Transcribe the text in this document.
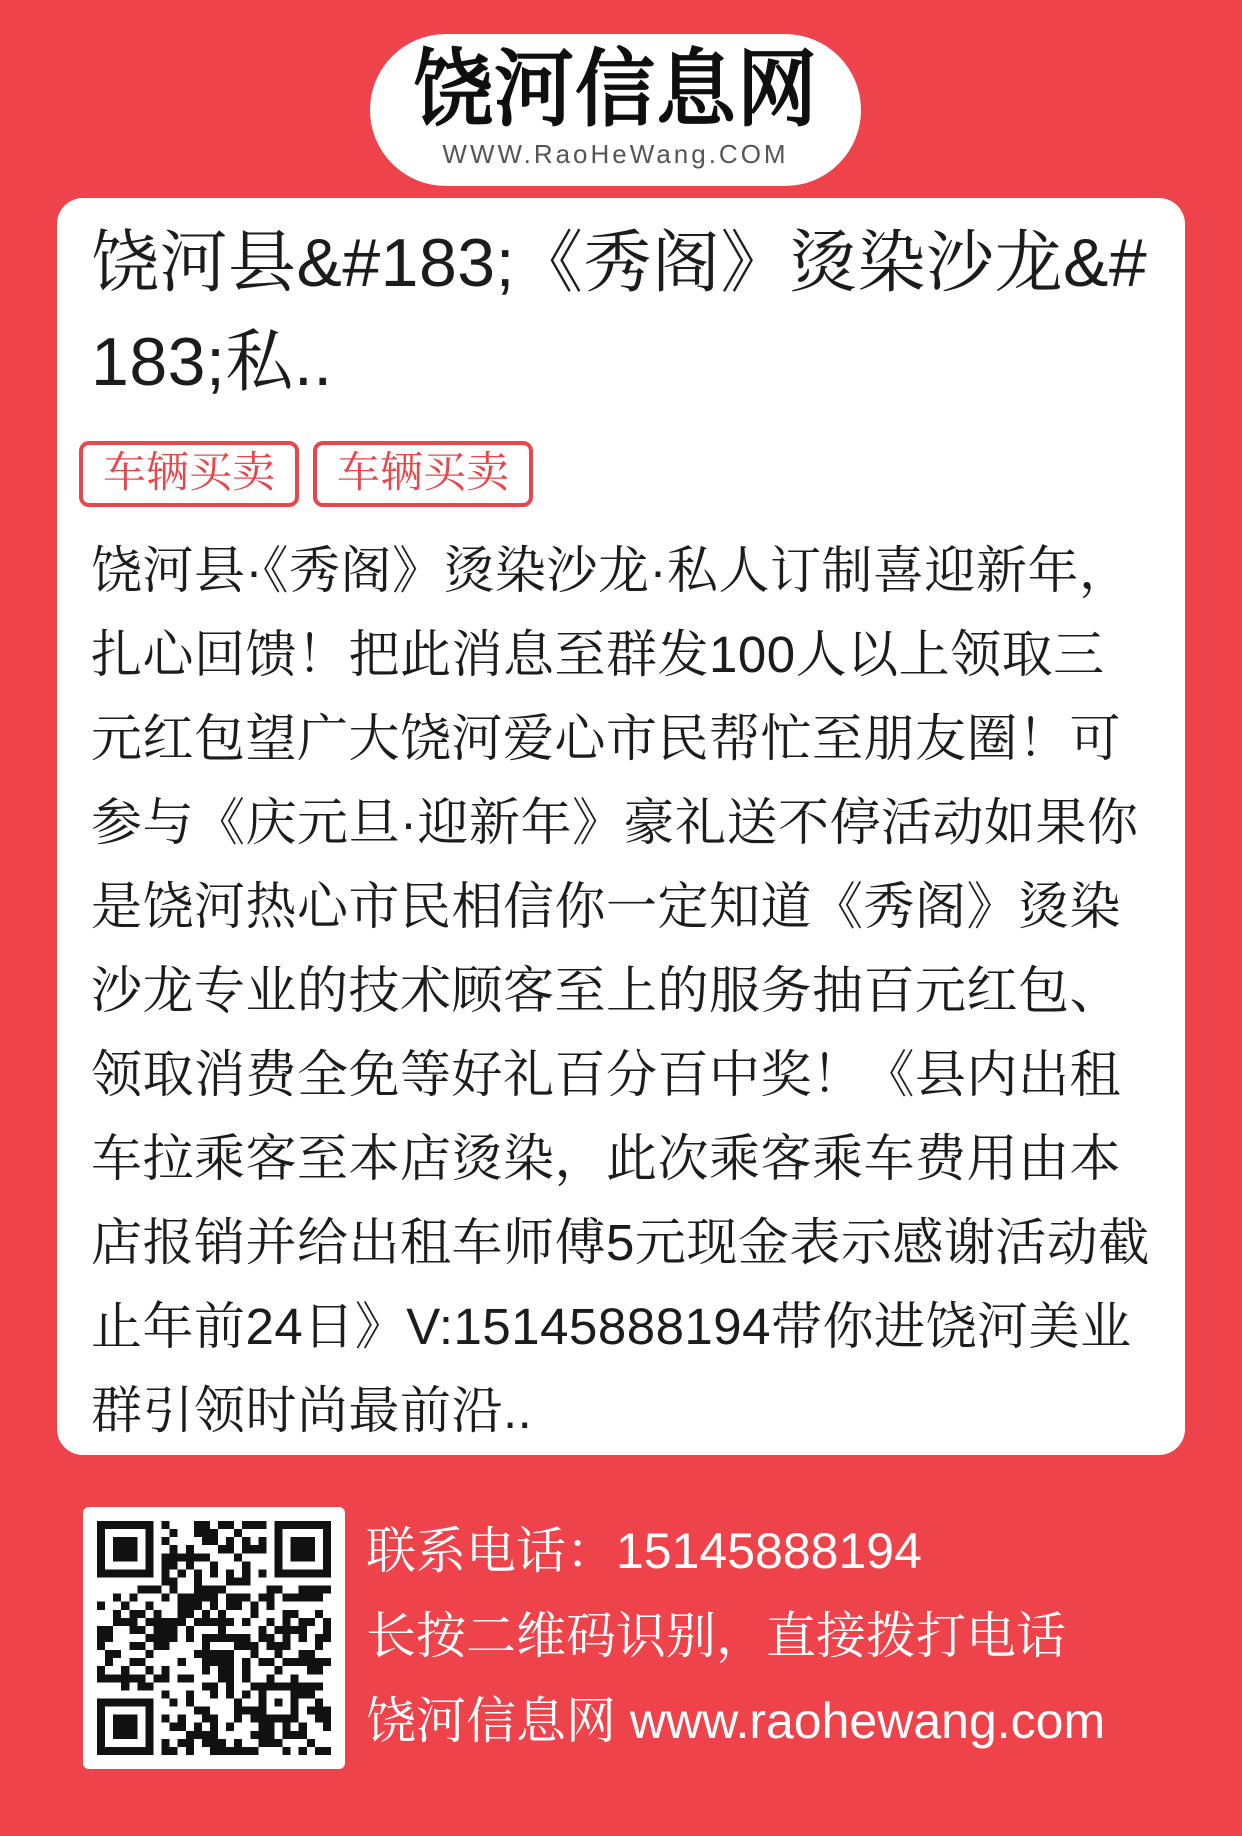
饶河信息网
WWW.RaoHeWang.COM
饶河县&#183;《秀阁》烫染沙龙&#183;私..
车辆买卖	车辆买卖
饶河县·《秀阁》烫染沙龙·私人订制喜迎新年，扎心回馈！把此消息至群发100人以上领取三元红包望广大饶河爱心市民帮忙至朋友圈！可参与《庆元旦·迎新年》豪礼送不停活动如果你是饶河热心市民相信你一定知道《秀阁》烫染沙龙专业的技术顾客至上的服务抽百元红包、领取消费全免等好礼百分百中奖！《县内出租车拉乘客至本店烫染，此次乘客乘车费用由本店报销并给出租车师傅5元现金表示感谢活动截止年前24日》V:15145888194带你进饶河美业群引领时尚最前沿..
联系电话：15145888194
长按二维码识别，直接拨打电话
饶河信息网 www.raohewang.com
